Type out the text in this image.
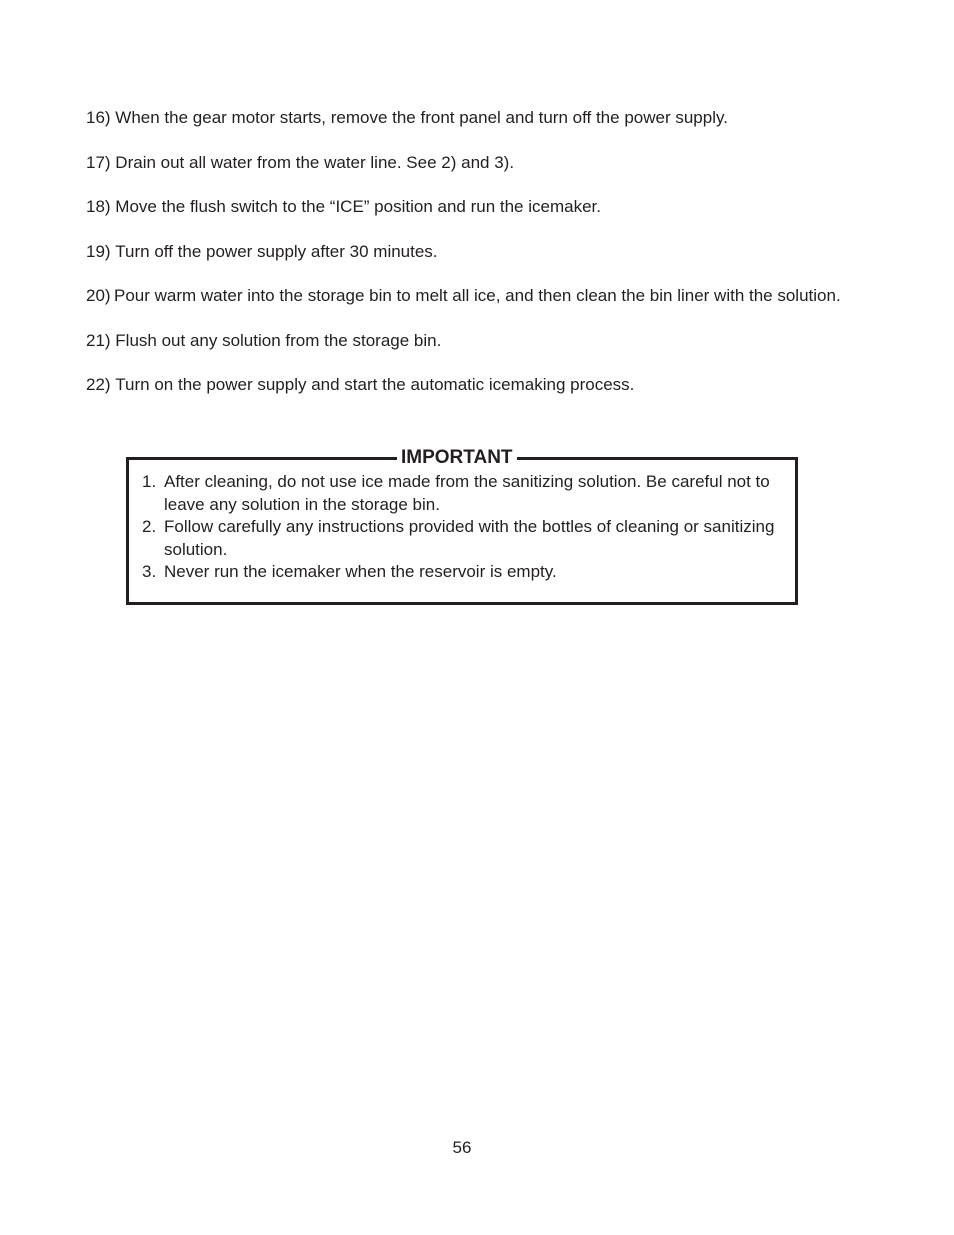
16) When the gear motor starts, remove the front panel and turn off the power supply.
17) Drain out all water from the water line. See 2) and 3).
18) Move the flush switch to the “ICE” position and run the icemaker.
19) Turn off the power supply after 30 minutes.
20)
Pour warm water into the storage bin to melt all ice, and then clean the bin liner with the solution.
21) Flush out any solution from the storage bin.
22) Turn on the power supply and start the automatic icemaking process.
IMPORTANT
1. After cleaning, do not use ice made from the sanitizing solution. Be careful not to leave any solution in the storage bin.
2. Follow carefully any instructions provided with the bottles of cleaning or sanitizing solution.
3. Never run the icemaker when the reservoir is empty.
56
